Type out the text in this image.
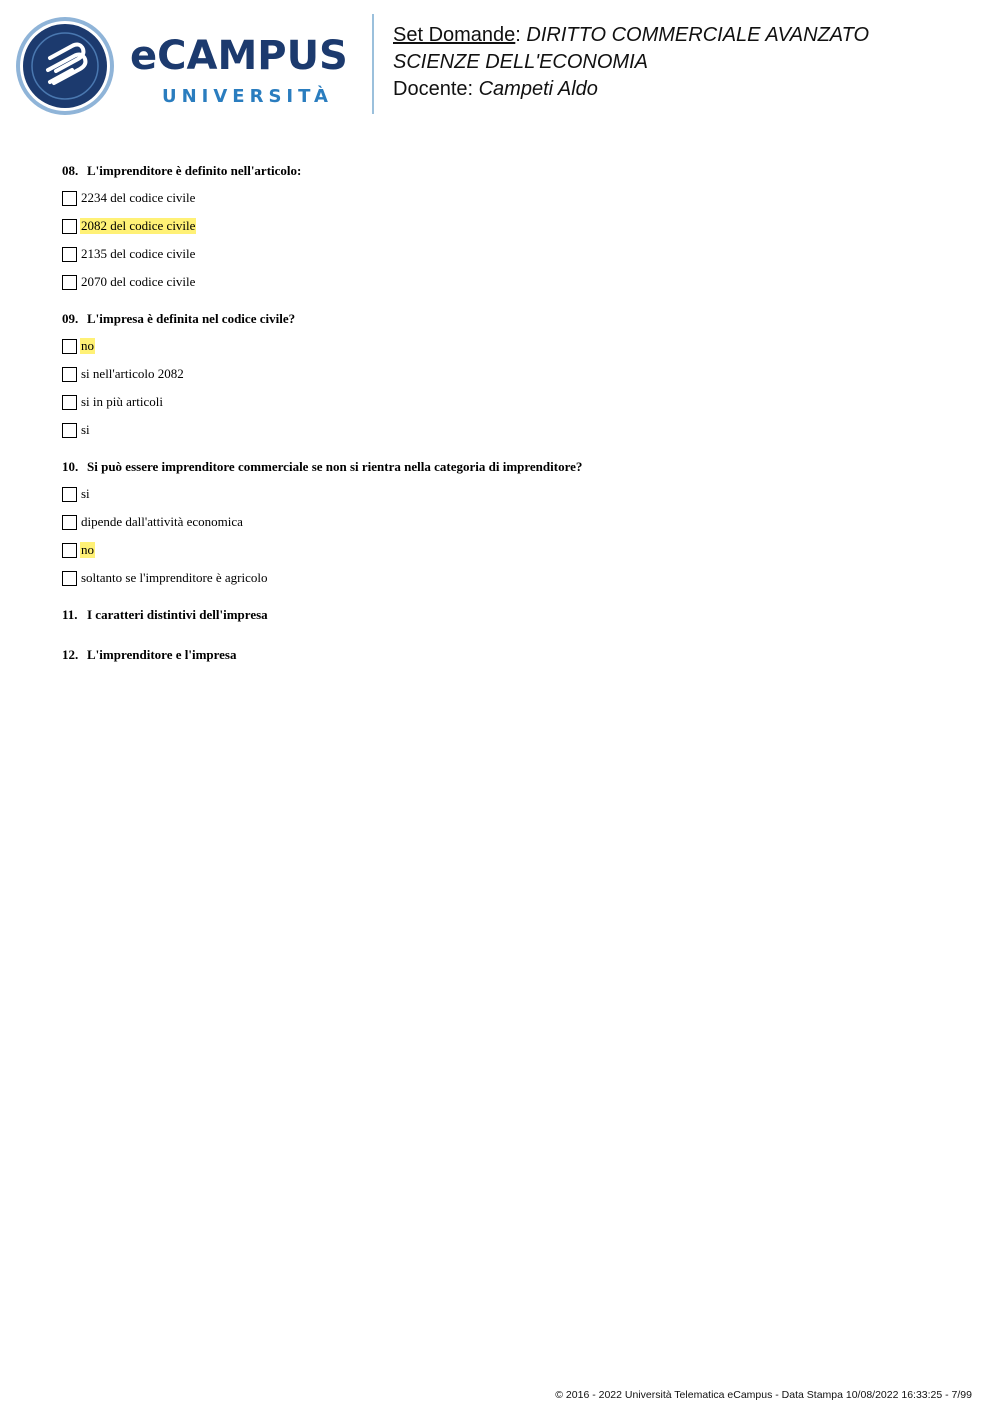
eCAMPUS
UNIVERSITÀ
Set Domande: DIRITTO COMMERCIALE AVANZATO
SCIENZE DELL'ECONOMIA
Docente: Campeti Aldo
08. L'imprenditore è definito nell'articolo:
2234 del codice civile
2082 del codice civile
2135 del codice civile
2070 del codice civile
09. L'impresa è definita nel codice civile?
no
si nell'articolo 2082
si in più articoli
si
10. Si può essere imprenditore commerciale se non si rientra nella categoria di imprenditore?
si
dipende dall'attività economica
no
soltanto se l'imprenditore è agricolo
11. I caratteri distintivi dell'impresa
12. L'imprenditore e l'impresa
© 2016 - 2022 Università Telematica eCampus - Data Stampa 10/08/2022 16:33:25 - 7/99
